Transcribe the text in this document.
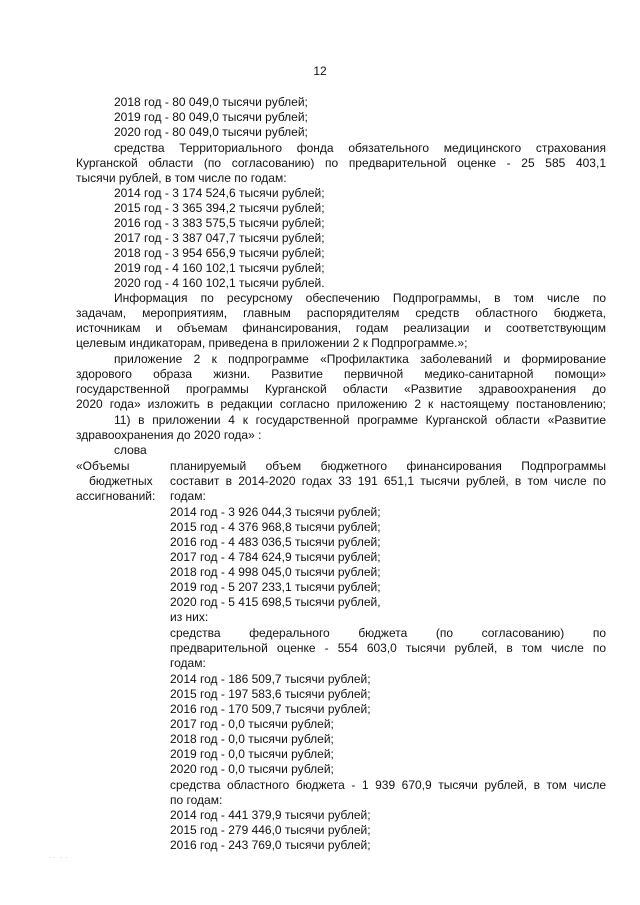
12
2018 год - 80 049,0 тысячи рублей;
2019 год - 80 049,0 тысячи рублей;
2020 год - 80 049,0 тысячи рублей;
средства Территориального фонда обязательного медицинского страхования
Курганской области (по согласованию) по предварительной оценке - 25 585 403,1
тысячи рублей, в том числе по годам:
2014 год - 3 174 524,6 тысячи рублей;
2015 год - 3 365 394,2 тысячи рублей;
2016 год - 3 383 575,5 тысячи рублей;
2017 год - 3 387 047,7 тысячи рублей;
2018 год - 3 954 656,9 тысячи рублей;
2019 год - 4 160 102,1 тысячи рублей;
2020 год - 4 160 102,1 тысячи рублей.
Информация по ресурсному обеспечению Подпрограммы, в том числе по
задачам, мероприятиям, главным распорядителям средств областного бюджета,
источникам и объемам финансирования, годам реализации и соответствующим
целевым индикаторам, приведена в приложении 2 к Подпрограмме.»;
приложение 2 к подпрограмме «Профилактика заболеваний и формирование
здорового образа жизни. Развитие первичной медико-санитарной помощи»
государственной программы Курганской области «Развитие здравоохранения до
2020 года» изложить в редакции согласно приложению 2 к настоящему постановлению;
11) в приложении 4 к государственной программе Курганской области «Развитие
здравоохранения до 2020 года» :
слова
«Объемы
бюджетных
ассигнований:
планируемый объем бюджетного финансирования Подпрограммы
составит в 2014-2020 годах 33 191 651,1 тысячи рублей, в том числе по
годам:
2014 год - 3 926 044,3 тысячи рублей;
2015 год - 4 376 968,8 тысячи рублей;
2016 год - 4 483 036,5 тысячи рублей;
2017 год - 4 784 624,9 тысячи рублей;
2018 год - 4 998 045,0 тысячи рублей;
2019 год - 5 207 233,1 тысячи рублей;
2020 год - 5 415 698,5 тысячи рублей,
из них:
средства федерального бюджета (по согласованию) по
предварительной оценке - 554 603,0 тысячи рублей, в том числе по
годам:
2014 год - 186 509,7 тысячи рублей;
2015 год - 197 583,6 тысячи рублей;
2016 год - 170 509,7 тысячи рублей;
2017 год - 0,0 тысячи рублей;
2018 год - 0,0 тысячи рублей;
2019 год - 0,0 тысячи рублей;
2020 год - 0,0 тысячи рублей;
средства областного бюджета - 1 939 670,9 тысячи рублей, в том числе
по годам:
2014 год - 441 379,9 тысячи рублей;
2015 год - 279 446,0 тысячи рублей;
2016 год - 243 769,0 тысячи рублей;
· ·  · ·
